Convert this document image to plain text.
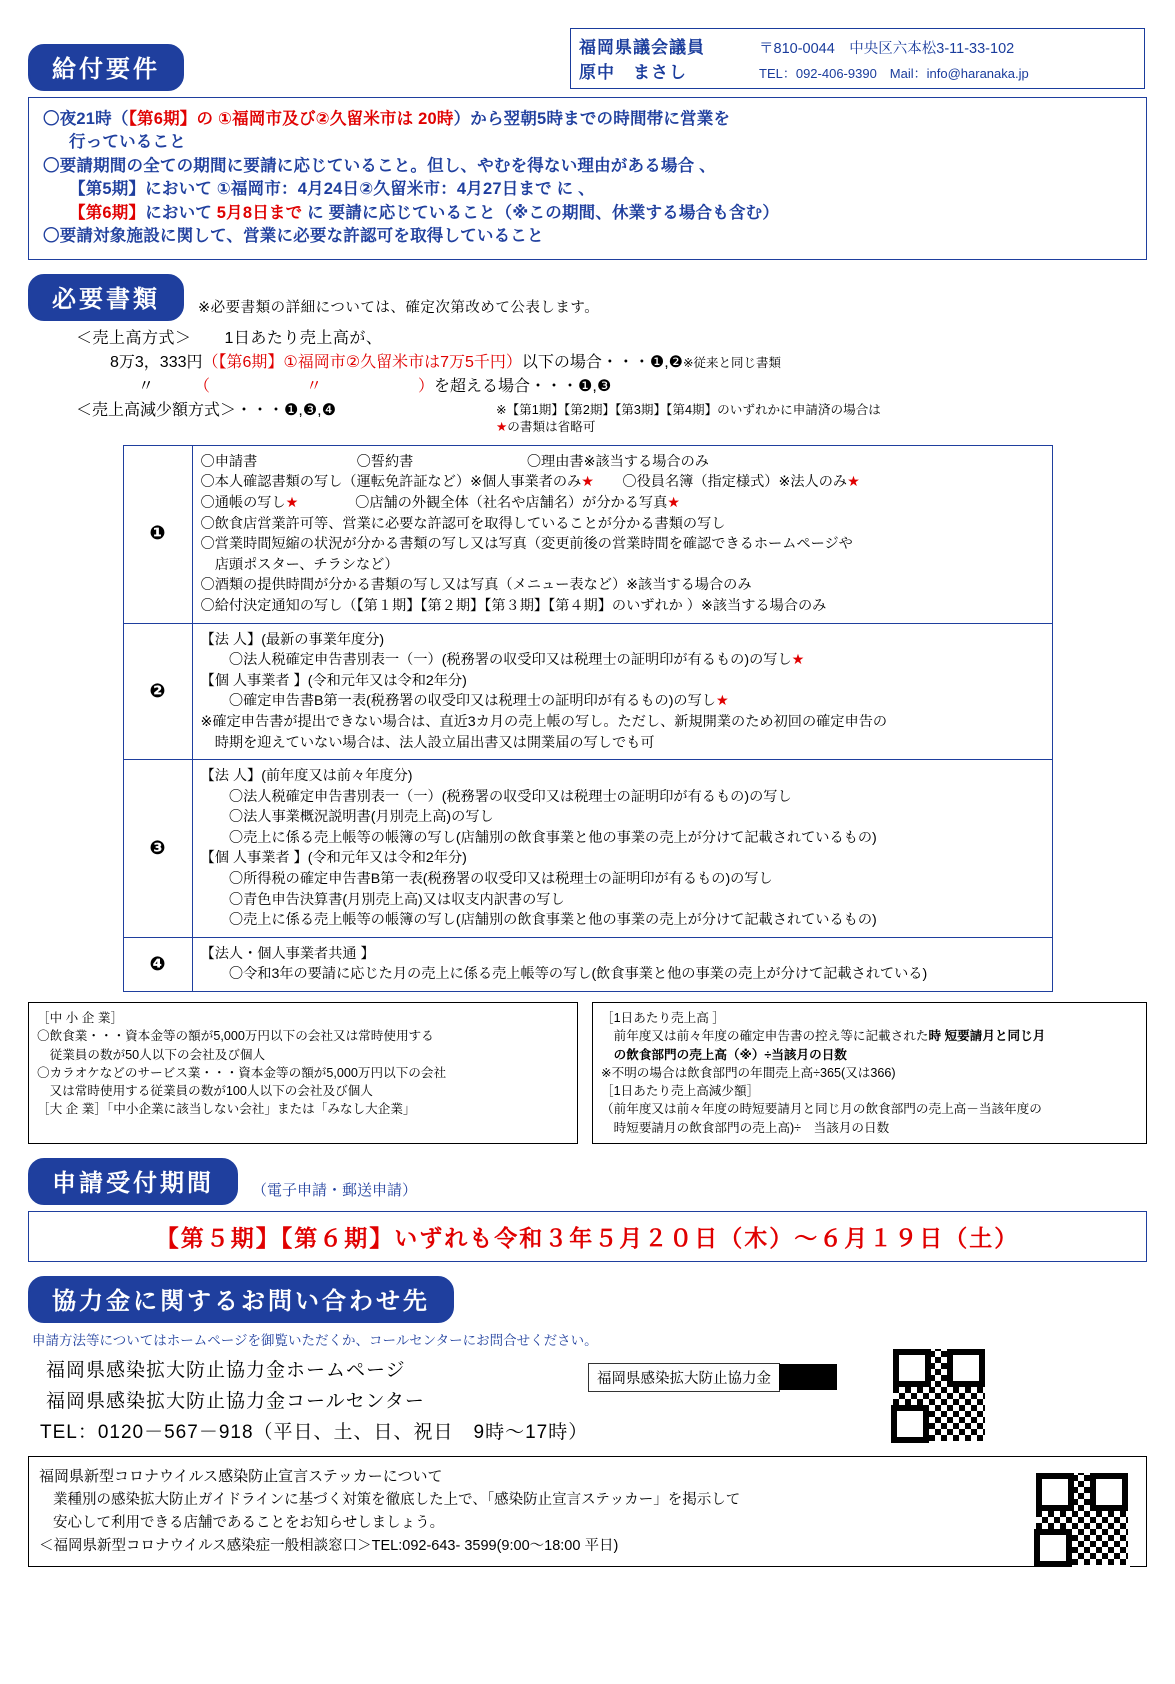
福岡県議会議員	〒810-0044　中央区六本松3-11-33-102
原中　まさし	TEL：092-406-9390　Mail：info@haranaka.jp
給付要件
〇夜21時（【第6期】の ①福岡市及び②久留米市は 20時）から翌朝5時までの時間帯に営業を
行っていること
〇要請期間の全ての期間に要請に応じていること。但し、やむを得ない理由がある場合 、
【第5期】において ①福岡市：4月24日②久留米市：4月27日まで に 、
【第6期】において 5月8日まで に 要請に応じていること（※この期間、休業する場合も含む）
〇要請対象施設に関して、営業に必要な許認可を取得していること
必要書類	※必要書類の詳細については、確定次第改めて公表します。
＜売上高方式＞　　1日あたり売上高が、
8万3，333円（【第6期】①福岡市②久留米市は7万5千円）以下の場合・・・❶,❷※従来と同じ書類
〃　　　（　　　　　　〃　　　　　　）を超える場合・・・❶,❸
＜売上高減少額方式＞・・・❶,❸,❹	※【第1期】【第2期】【第3期】【第4期】のいずれかに申請済の場合は
★の書類は省略可
❶	
〇申請書　　　　　　　〇誓約書　　　　　　　　〇理由書※該当する場合のみ
〇本人確認書類の写し（運転免許証など）※個人事業者のみ★　　〇役員名簿（指定様式）※法人のみ★
〇通帳の写し★　　　　〇店舗の外観全体（社名や店舗名）が分かる写真★
〇飲食店営業許可等、営業に必要な許認可を取得していることが分かる書類の写し
〇営業時間短縮の状況が分かる書類の写し又は写真（変更前後の営業時間を確認できるホームページや
　店頭ポスター、チラシなど）
〇酒類の提供時間が分かる書類の写し又は写真（メニュー表など）※該当する場合のみ
〇給付決定通知の写し（【第１期】【第２期】【第３期】【第４期】のいずれか ）※該当する場合のみ

❷	
【法 人】(最新の事業年度分)
　　〇法人税確定申告書別表一（一）(税務署の収受印又は税理士の証明印が有るもの)の写し★
【個 人事業者 】(令和元年又は令和2年分)
　　〇確定申告書B第一表(税務署の収受印又は税理士の証明印が有るもの)の写し★
※確定申告書が提出できない場合は、直近3カ月の売上帳の写し。ただし、新規開業のため初回の確定申告の
　時期を迎えていない場合は、法人設立届出書又は開業届の写しでも可

❸	
【法 人】(前年度又は前々年度分)
　　〇法人税確定申告書別表一（一）(税務署の収受印又は税理士の証明印が有るもの)の写し
　　〇法人事業概況説明書(月別売上高)の写し
　　〇売上に係る売上帳等の帳簿の写し(店舗別の飲食事業と他の事業の売上が分けて記載されているもの)
【個 人事業者 】(令和元年又は令和2年分)
　　〇所得税の確定申告書B第一表(税務署の収受印又は税理士の証明印が有るもの)の写し
　　〇青色申告決算書(月別売上高)又は収支内訳書の写し
　　〇売上に係る売上帳等の帳簿の写し(店舗別の飲食事業と他の事業の売上が分けて記載されているもの)

❹	【法人・個人事業者共通 】
　　〇令和3年の要請に応じた月の売上に係る売上帳等の写し(飲食事業と他の事業の売上が分けて記載されている)
［中 小 企 業］
〇飲食業・・・資本金等の額が5,000万円以下の会社又は常時使用する
　従業員の数が50人以下の会社及び個人
〇カラオケなどのサービス業・・・資本金等の額が5,000万円以下の会社
　又は常時使用する従業員の数が100人以下の会社及び個人
［大 企 業］「中小企業に該当しない会社」または「みなし大企業」
［1日あたり売上高 ］
　前年度又は前々年度の確定申告書の控え等に記載された時 短要請月と同じ月
　の飲食部門の売上高（※）÷当該月の日数
※不明の場合は飲食部門の年間売上高÷365(又は366)
［1日あたり売上高減少額］
（前年度又は前々年度の時短要請月と同じ月の飲食部門の売上高－当該年度の
　時短要請月の飲食部門の売上高)÷　当該月の日数
申請受付期間	（電子申請・郵送申請）
【第５期】【第６期】いずれも令和３年５月２０日（木）～６月１９日（土）
協力金に関するお問い合わせ先
申請方法等についてはホームページを御覧いただくか、コールセンターにお問合せください。
福岡県感染拡大防止協力金ホームページ
福岡県感染拡大防止協力金コールセンター
TEL：0120－567－918（平日、土、日、祝日　9時～17時）
福岡県感染拡大防止協力金
福岡県新型コロナウイルス感染防止宣言ステッカーについて
業種別の感染拡大防止ガイドラインに基づく対策を徹底した上で、「感染防止宣言ステッカー」を掲示して
安心して利用できる店舗であることをお知らせしましょう。
＜福岡県新型コロナウイルス感染症一般相談窓口＞TEL:092-643- 3599(9:00～18:00 平日)
